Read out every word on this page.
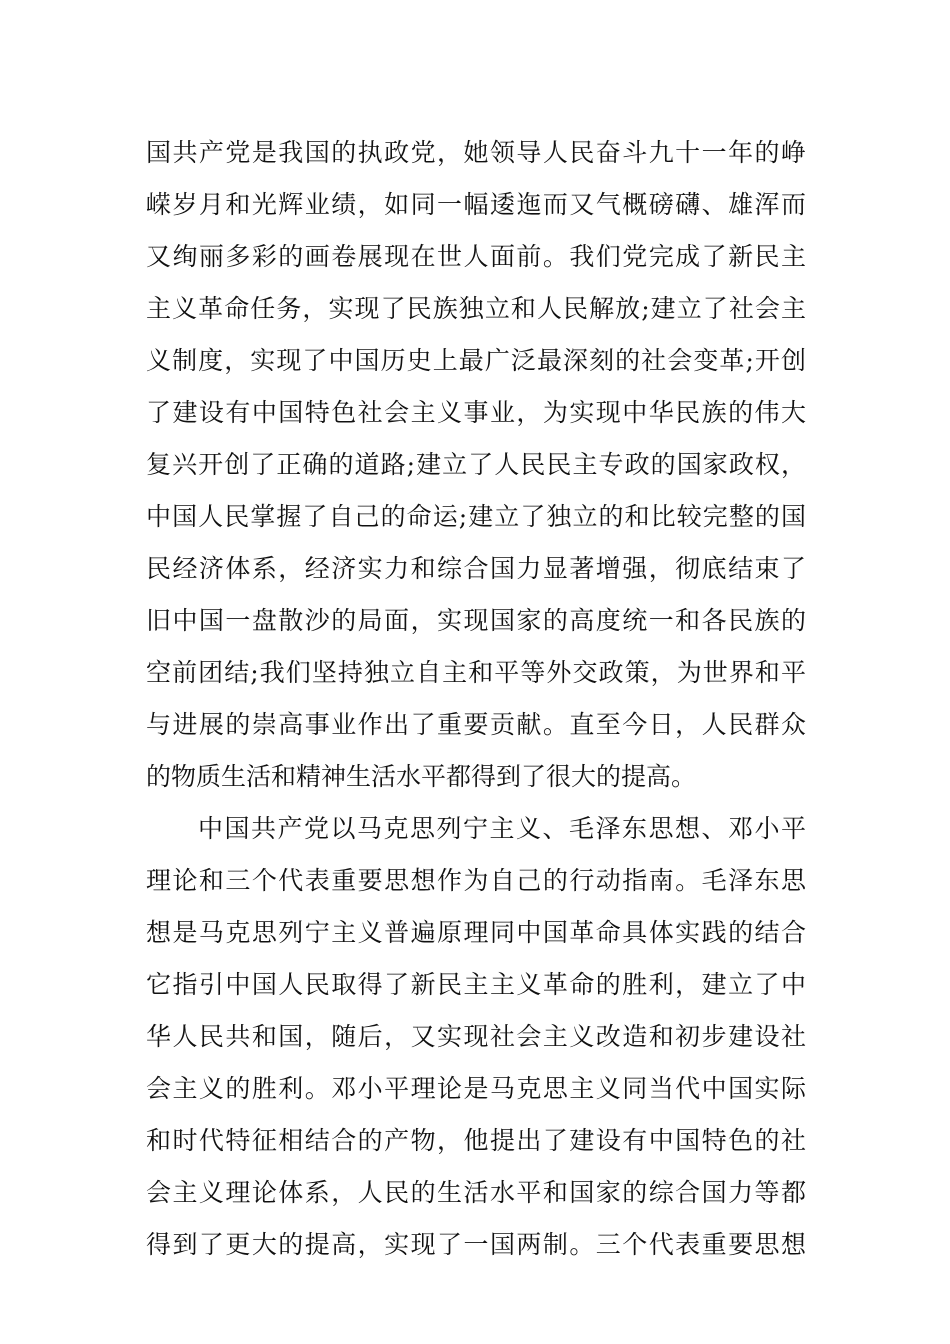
国共产党是我国的执政党，她领导人民奋斗九十一年的峥
嵘岁月和光辉业绩，如同一幅逶迤而又气概磅礴、雄浑而
又绚丽多彩的画卷展现在世人面前。我们党完成了新民主
主义革命任务，实现了民族独立和人民解放;建立了社会主
义制度，实现了中国历史上最广泛最深刻的社会变革;开创
了建设有中国特色社会主义事业，为实现中华民族的伟大
复兴开创了正确的道路;建立了人民民主专政的国家政权，
中国人民掌握了自己的命运;建立了独立的和比较完整的国
民经济体系，经济实力和综合国力显著增强，彻底结束了
旧中国一盘散沙的局面，实现国家的高度统一和各民族的
空前团结;我们坚持独立自主和平等外交政策，为世界和平
与进展的崇高事业作出了重要贡献。直至今日，人民群众
的物质生活和精神生活水平都得到了很大的提高。
中国共产党以马克思列宁主义、毛泽东思想、邓小平
理论和三个代表重要思想作为自己的行动指南。毛泽东思
想是马克思列宁主义普遍原理同中国革命具体实践的结合
它指引中国人民取得了新民主主义革命的胜利，建立了中
华人民共和国，随后，又实现社会主义改造和初步建设社
会主义的胜利。邓小平理论是马克思主义同当代中国实际
和时代特征相结合的产物，他提出了建设有中国特色的社
会主义理论体系，人民的生活水平和国家的综合国力等都
得到了更大的提高，实现了一国两制。三个代表重要思想
